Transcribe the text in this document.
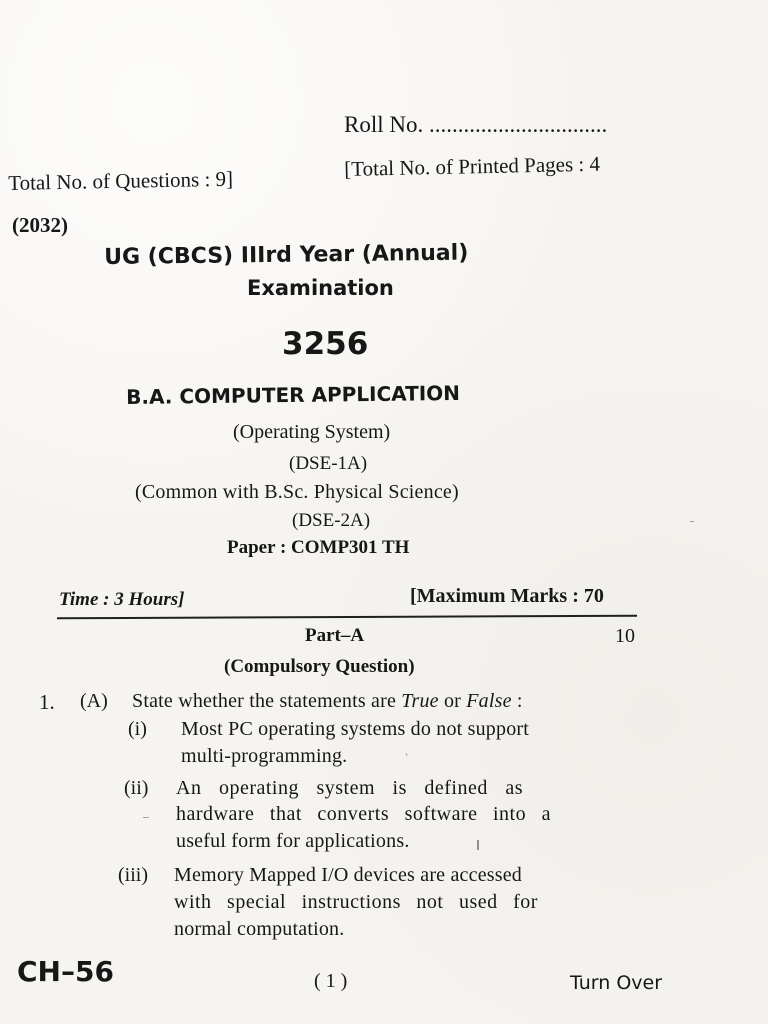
Roll No. ...............................
Total No. of Questions : 9]	[Total No. of Printed Pages : 4
(2032)
UG (CBCS) IIIrd Year (Annual)
Examination
3256
B.A. COMPUTER APPLICATION
(Operating System)
(DSE-1A)
(Common with B.Sc. Physical Science)
(DSE-2A)
Paper : COMP301 TH
Time : 3 Hours]	[Maximum Marks : 70
Part–A	10
(Compulsory Question)
1. (A) State whether the statements are True or False :
(i) Most PC operating systems do not support
multi-programming.
(ii) An operating system is defined as
hardware that converts software into a
useful form for applications.
(iii) Memory Mapped I/O devices are accessed
with special instructions not used for
normal computation.
CH–56	( 1 )	Turn Over
